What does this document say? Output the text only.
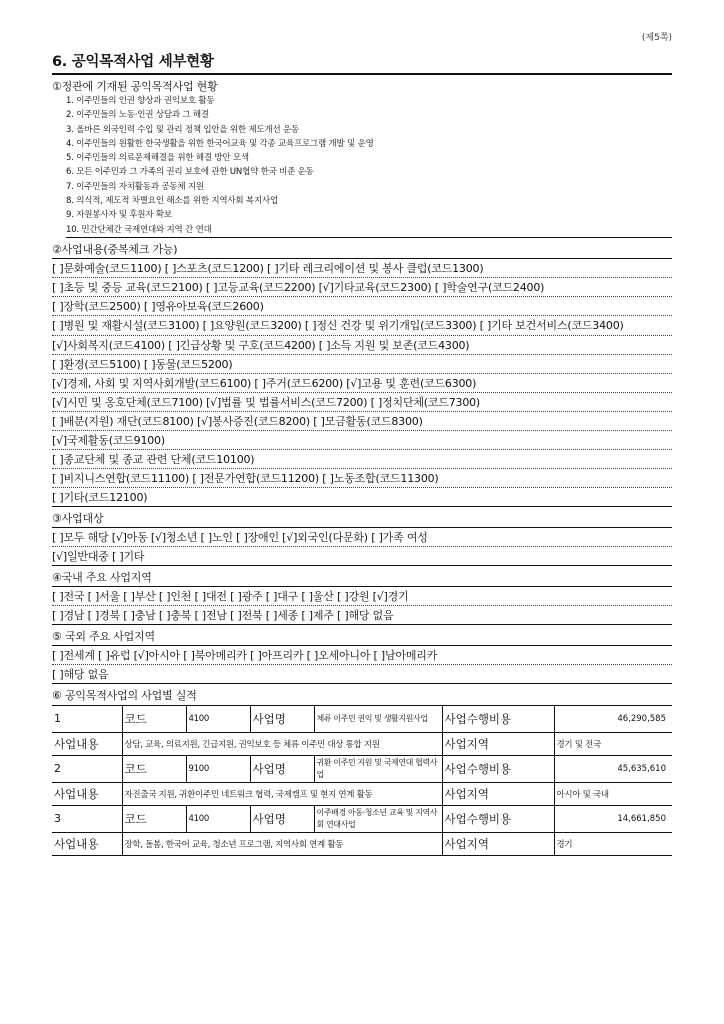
(제5쪽)
6. 공익목적사업 세부현황
①정관에 기재된 공익목적사업 현황
1. 이주민들의 인권 향상과 권익보호 활동
2. 이주민들의 노동·인권 상담과 그 해결
3. 올바른 외국인력 수입 및 관리 정책 입안을 위한 제도개선 운동
4. 이주민들의 원활한 한국생활을 위한 한국어교육 및 각종 교육프로그램 개발 및 운영
5. 이주민들의 의료문제해결을 위한 해결 방안 모색
6. 모든 이주민과 그 가족의 권리 보호에 관한 UN협약 한국 비준 운동
7. 이주민들의 자치활동과 공동체 지원
8. 의식적, 제도적 차별요인 해소를 위한 지역사회 복지사업
9. 자원봉사자 및 후원자 확보
10. 민간단체간 국제연대와 지역 간 연대
②사업내용(중복체크 가능)
[ ]문화예술(코드1100) [ ]스포츠(코드1200) [ ]기타 레크리에이션 및 봉사 클럽(코드1300)
[ ]초등 및 중등 교육(코드2100) [ ]고등교육(코드2200) [√]기타교육(코드2300) [ ]학술연구(코드2400)
[ ]장학(코드2500) [ ]영유아보육(코드2600)
[ ]병원 및 재활시설(코드3100) [ ]요양원(코드3200) [ ]정신 건강 및 위기개입(코드3300) [ ]기타 보건서비스(코드3400)
[√]사회복지(코드4100) [ ]긴급상황 및 구호(코드4200) [ ]소득 지원 및 보존(코드4300)
[ ]환경(코드5100) [ ]동물(코드5200)
[√]경제, 사회 및 지역사회개발(코드6100) [ ]주거(코드6200) [√]고용 및 훈련(코드6300)
[√]시민 및 옹호단체(코드7100) [√]법률 및 법률서비스(코드7200) [ ]정치단체(코드7300)
[ ]배분(지원) 재단(코드8100) [√]봉사증진(코드8200) [ ]모금활동(코드8300)
[√]국제활동(코드9100)
[ ]종교단체 및 종교 관련 단체(코드10100)
[ ]비지니스연합(코드11100) [ ]전문가연합(코드11200) [ ]노동조합(코드11300)
[ ]기타(코드12100)
③사업대상
[ ]모두 해당 [√]아동 [√]청소년 [ ]노인 [ ]장애인 [√]외국인(다문화) [ ]가족 여성
[√]일반대중 [ ]기타
④국내 주요 사업지역
[ ]전국 [ ]서울 [ ]부산 [ ]인천 [ ]대전 [ ]광주 [ ]대구 [ ]울산 [ ]강원 [√]경기
[ ]경남 [ ]경북 [ ]충남 [ ]충북 [ ]전남 [ ]전북 [ ]세종 [ ]제주 [ ]해당 없음
⑤ 국외 주요 사업지역
[ ]전세계 [ ]유럽 [√]아시아 [ ]북아메리카 [ ]아프리카 [ ]오세아니아 [ ]남아메리카
[ ]해당 없음
⑥ 공익목적사업의 사업별 실적
1	코드	4100	사업명	체류 이주민 권익 및 생활지원사업	사업수행비용	46,290,585
사업내용	상담, 교육, 의료지원, 긴급지원, 권익보호 등 체류 이주민 대상 통합 지원				사업지역	경기 및 전국
2	코드	9100	사업명	귀환 이주민 지원 및 국제연대 협력사업	사업수행비용	45,635,610
사업내용	자진출국 지원, 귀환이주민 네트워크 협력, 국제캠프 및 현지 연계 활동				사업지역	아시아 및 국내
3	코드	4100	사업명	이주배경 아동·청소년 교육 및 지역사회 연대사업	사업수행비용	14,661,850
사업내용	장학, 돌봄, 한국어 교육, 청소년 프로그램, 지역사회 연계 활동				사업지역	경기
